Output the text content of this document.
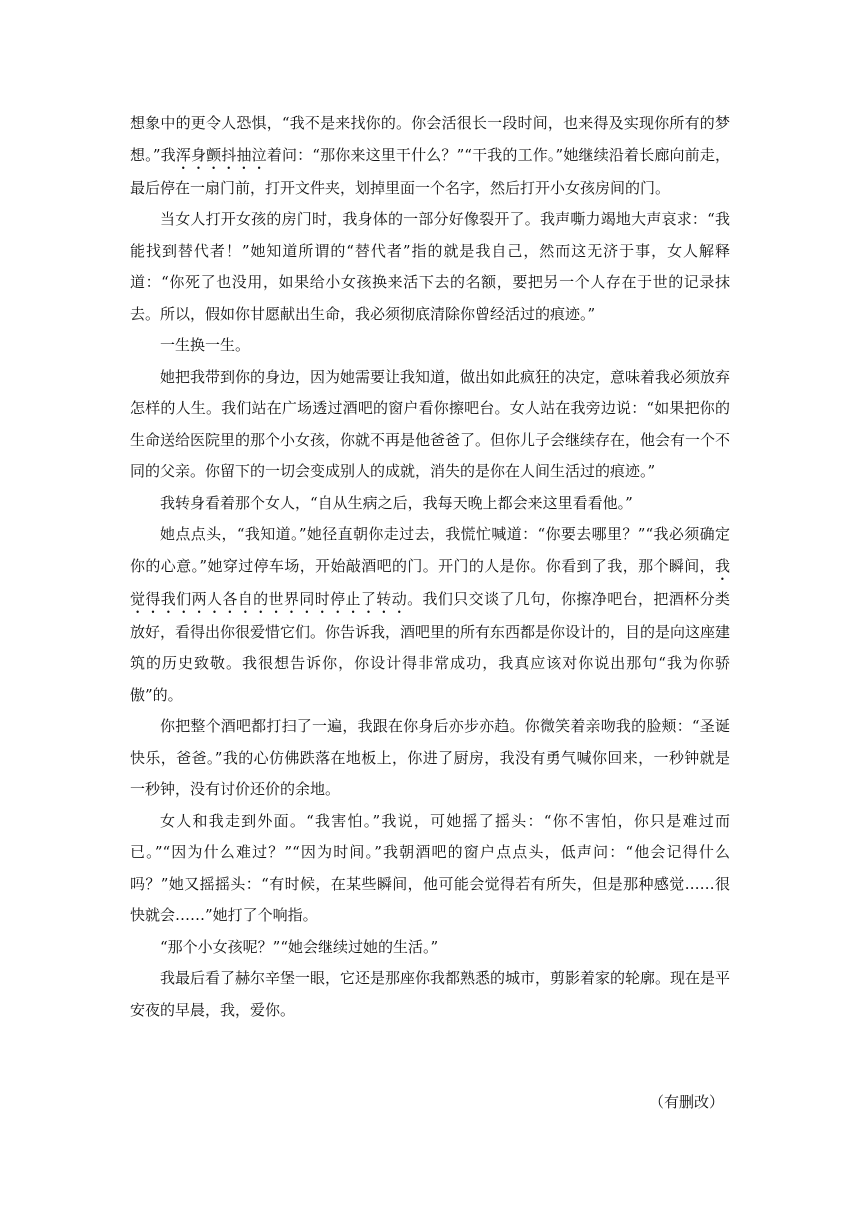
想象中的更令人恐惧，“我不是来找你的。你会活很长一段时间，也来得及实现你所有的梦想。”我浑身颤抖抽泣着问：“那你来这里干什么？”“干我的工作。”她继续沿着长廊向前走，最后停在一扇门前，打开文件夹，划掉里面一个名字，然后打开小女孩房间的门。

当女人打开女孩的房门时，我身体的一部分好像裂开了。我声嘶力竭地大声哀求：“我能找到替代者！”她知道所谓的“替代者”指的就是我自己，然而这无济于事，女人解释道：“你死了也没用，如果给小女孩换来活下去的名额，要把另一个人存在于世的记录抹去。所以，假如你甘愿献出生命，我必须彻底清除你曾经活过的痕迹。”

一生换一生。

她把我带到你的身边，因为她需要让我知道，做出如此疯狂的决定，意味着我必须放弃怎样的人生。我们站在广场透过酒吧的窗户看你擦吧台。女人站在我旁边说：“如果把你的生命送给医院里的那个小女孩，你就不再是他爸爸了。但你儿子会继续存在，他会有一个不同的父亲。你留下的一切会变成别人的成就，消失的是你在人间生活过的痕迹。”

我转身看着那个女人，“自从生病之后，我每天晚上都会来这里看看他。”

她点点头，“我知道。”她径直朝你走过去，我慌忙喊道：“你要去哪里？”“我必须确定你的心意。”她穿过停车场，开始敲酒吧的门。开门的人是你。你看到了我，那个瞬间，我觉得我们两人各自的世界同时停止了转动。我们只交谈了几句，你擦净吧台，把酒杯分类放好，看得出你很爱惜它们。你告诉我，酒吧里的所有东西都是你设计的，目的是向这座建筑的历史致敬。我很想告诉你，你设计得非常成功，我真应该对你说出那句“我为你骄傲”的。

你把整个酒吧都打扫了一遍，我跟在你身后亦步亦趋。你微笑着亲吻我的脸颊：“圣诞快乐，爸爸。”我的心仿佛跌落在地板上，你进了厨房，我没有勇气喊你回来，一秒钟就是一秒钟，没有讨价还价的余地。

女人和我走到外面。“我害怕。”我说，可她摇了摇头：“你不害怕，你只是难过而已。”“因为什么难过？”“因为时间。”我朝酒吧的窗户点点头，低声问：“他会记得什么吗？”她又摇摇头：“有时候，在某些瞬间，他可能会觉得若有所失，但是那种感觉……很快就会……”她打了个响指。

“那个小女孩呢？”“她会继续过她的生活。”

我最后看了赫尔辛堡一眼，它还是那座你我都熟悉的城市，剪影着家的轮廓。现在是平安夜的早晨，我，爱你。

（有删改）
